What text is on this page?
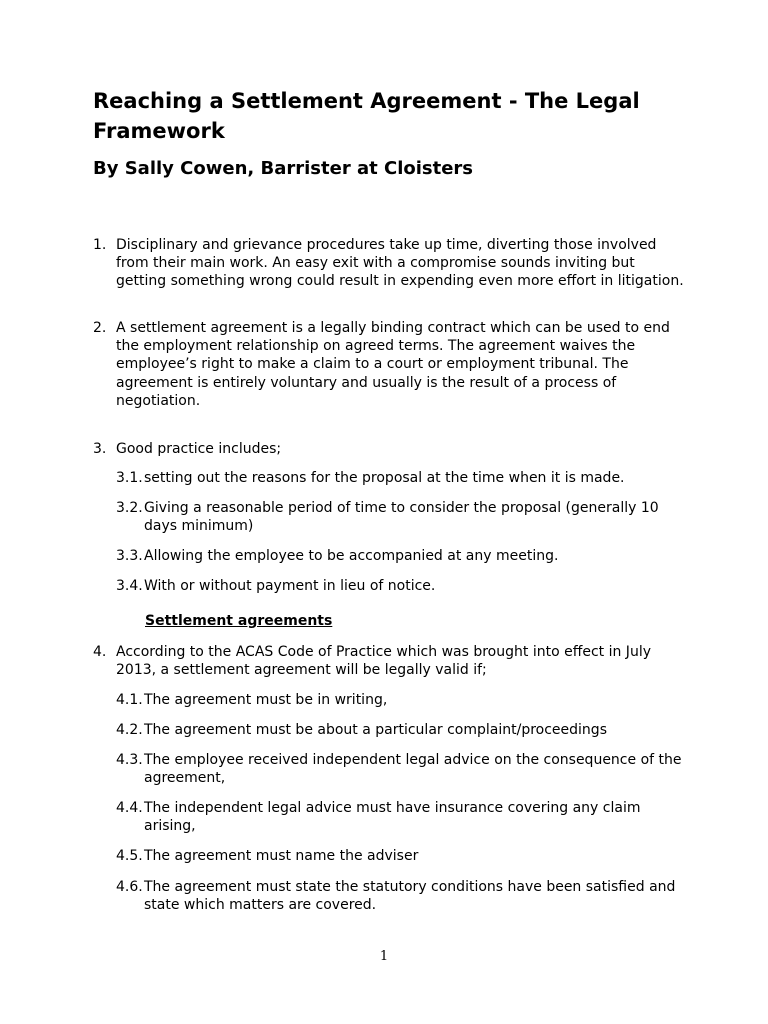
Reaching a Settlement Agreement - The Legal Framework
By Sally Cowen, Barrister at Cloisters
1. Disciplinary and grievance procedures take up time, diverting those involved from their main work. An easy exit with a compromise sounds inviting but getting something wrong could result in expending even more effort in litigation.
2. A settlement agreement is a legally binding contract which can be used to end the employment relationship on agreed terms. The agreement waives the employee’s right to make a claim to a court or employment tribunal. The agreement is entirely voluntary and usually is the result of a process of negotiation.
3. Good practice includes;
3.1. setting out the reasons for the proposal at the time when it is made.
3.2. Giving a reasonable period of time to consider the proposal (generally 10 days minimum)
3.3. Allowing the employee to be accompanied at any meeting.
3.4. With or without payment in lieu of notice.
Settlement agreements
4. According to the ACAS Code of Practice which was brought into effect in July 2013, a settlement agreement will be legally valid if;
4.1. The agreement must be in writing,
4.2. The agreement must be about a particular complaint/proceedings
4.3. The employee received independent legal advice on the consequence of the agreement,
4.4. The independent legal advice must have insurance covering any claim arising,
4.5. The agreement must name the adviser
4.6. The agreement must state the statutory conditions have been satisfied and state which matters are covered.
1
